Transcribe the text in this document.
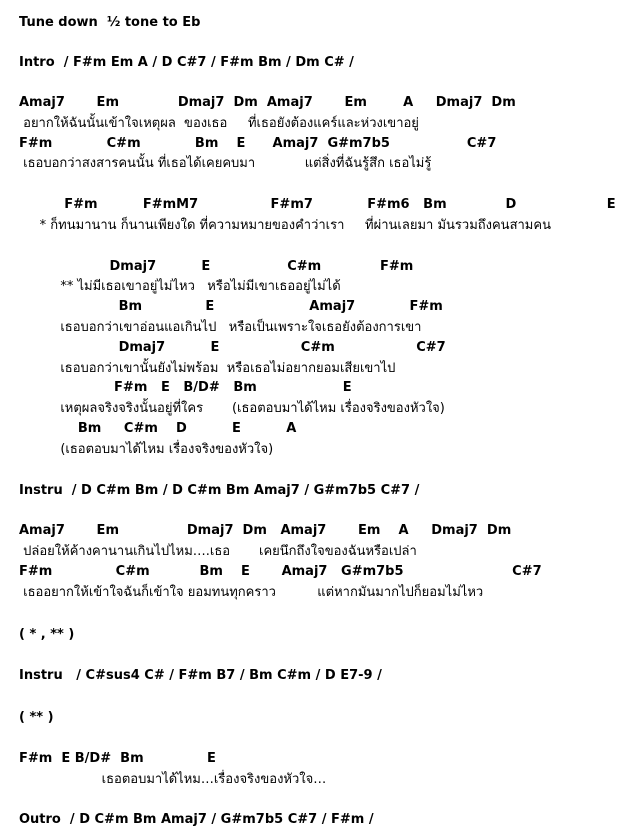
Tune down  ½ tone to Eb
Intro  / F#m Em A / D C#7 / F#m Bm / Dm C# /
Amaj7       Em             Dmaj7  Dm  Amaj7       Em        A     Dmaj7  Dm
อยากให้ฉันนั้นเข้าใจเหตุผล  ของเธอ     ที่เธอยังต้องแคร์และห่วงเขาอยู่
F#m            C#m            Bm    E      Amaj7  G#m7b5                 C#7
เธอบอกว่าสงสารคนนั้น ที่เธอได้เคยคบมา            แต่สิ่งที่ฉันรู้สึก เธอไม่รู้
F#m          F#mM7                F#m7            F#m6   Bm             D                    E
* ก็ทนมานาน ก็นานเพียงใด ที่ความหมายของคำว่าเรา     ที่ผ่านเลยมา มันรวมถึงคนสามคน
Dmaj7          E                 C#m             F#m
** ไม่มีเธอเขาอยู่ไม่ไหว   หรือไม่มีเขาเธออยู่ไม่ได้
Bm              E                     Amaj7            F#m
เธอบอกว่าเขาอ่อนแอเกินไป   หรือเป็นเพราะใจเธอยังต้องการเขา
Dmaj7          E                  C#m                  C#7
เธอบอกว่าเขานั้นยังไม่พร้อม  หรือเธอไม่อยากยอมเสียเขาไป
F#m   E   B/D#   Bm                   E
เหตุผลจริงจริงนั้นอยู่ที่ใคร       (เธอตอบมาได้ไหม เรื่องจริงของหัวใจ)
Bm     C#m    D          E          A
(เธอตอบมาได้ไหม เรื่องจริงของหัวใจ)
Instru  / D C#m Bm / D C#m Bm Amaj7 / G#m7b5 C#7 /
Amaj7       Em               Dmaj7  Dm   Amaj7       Em    A     Dmaj7  Dm
ปล่อยให้ค้างคานานเกินไปไหม….เธอ       เคยนึกถึงใจของฉันหรือเปล่า
F#m              C#m           Bm    E       Amaj7   G#m7b5                        C#7
เธออยากให้เข้าใจฉันก็เข้าใจ ยอมทนทุกคราว          แต่หากมันมากไปก็ยอมไม่ไหว
( * , ** )
Instru   / C#sus4 C# / F#m B7 / Bm C#m / D E7-9 /
( ** )
F#m  E B/D#  Bm              E
เธอตอบมาได้ไหม…เรื่องจริงของหัวใจ…
Outro  / D C#m Bm Amaj7 / G#m7b5 C#7 / F#m /
